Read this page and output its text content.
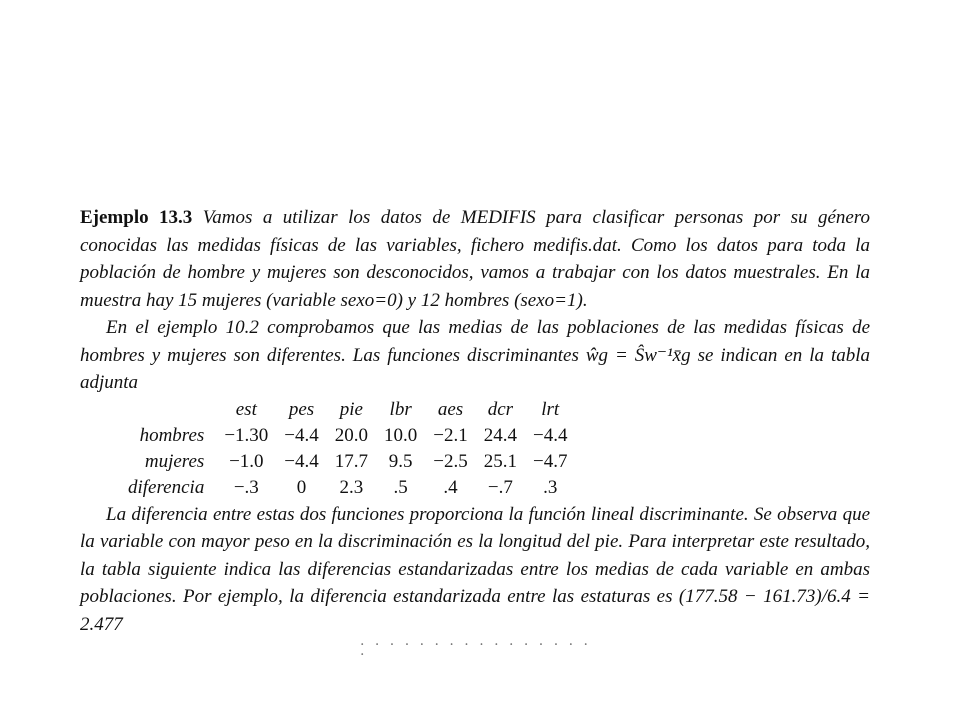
Ejemplo 13.3 Vamos a utilizar los datos de MEDIFIS para clasificar personas por su género conocidas las medidas físicas de las variables, fichero medifis.dat. Como los datos para toda la población de hombre y mujeres son desconocidos, vamos a trabajar con los datos muestrales. En la muestra hay 15 mujeres (variable sexo=0) y 12 hombres (sexo=1).

En el ejemplo 10.2 comprobamos que las medias de las poblaciones de las medidas físicas de hombres y mujeres son diferentes. Las funciones discriminantes ŵg = Ŝw⁻¹x̄g se indican en la tabla adjunta

	est	pes	pie	lbr	aes	dcr	lrt
hombres	−1.30	−4.4	20.0	10.0	−2.1	24.4	−4.4
mujeres	−1.0	−4.4	17.7	9.5	−2.5	25.1	−4.7
diferencia	−.3	0	2.3	.5	.4	−.7	.3

La diferencia entre estas dos funciones proporciona la función lineal discriminante. Se observa que la variable con mayor peso en la discriminación es la longitud del pie. Para interpretar este resultado, la tabla siguiente indica las diferencias estandarizadas entre los medias de cada variable en ambas poblaciones. Por ejemplo, la diferencia estandarizada entre las estaturas es (177.58 − 161.73)/6.4 = 2.477

. . . . . . . . . . . . . . . . .
